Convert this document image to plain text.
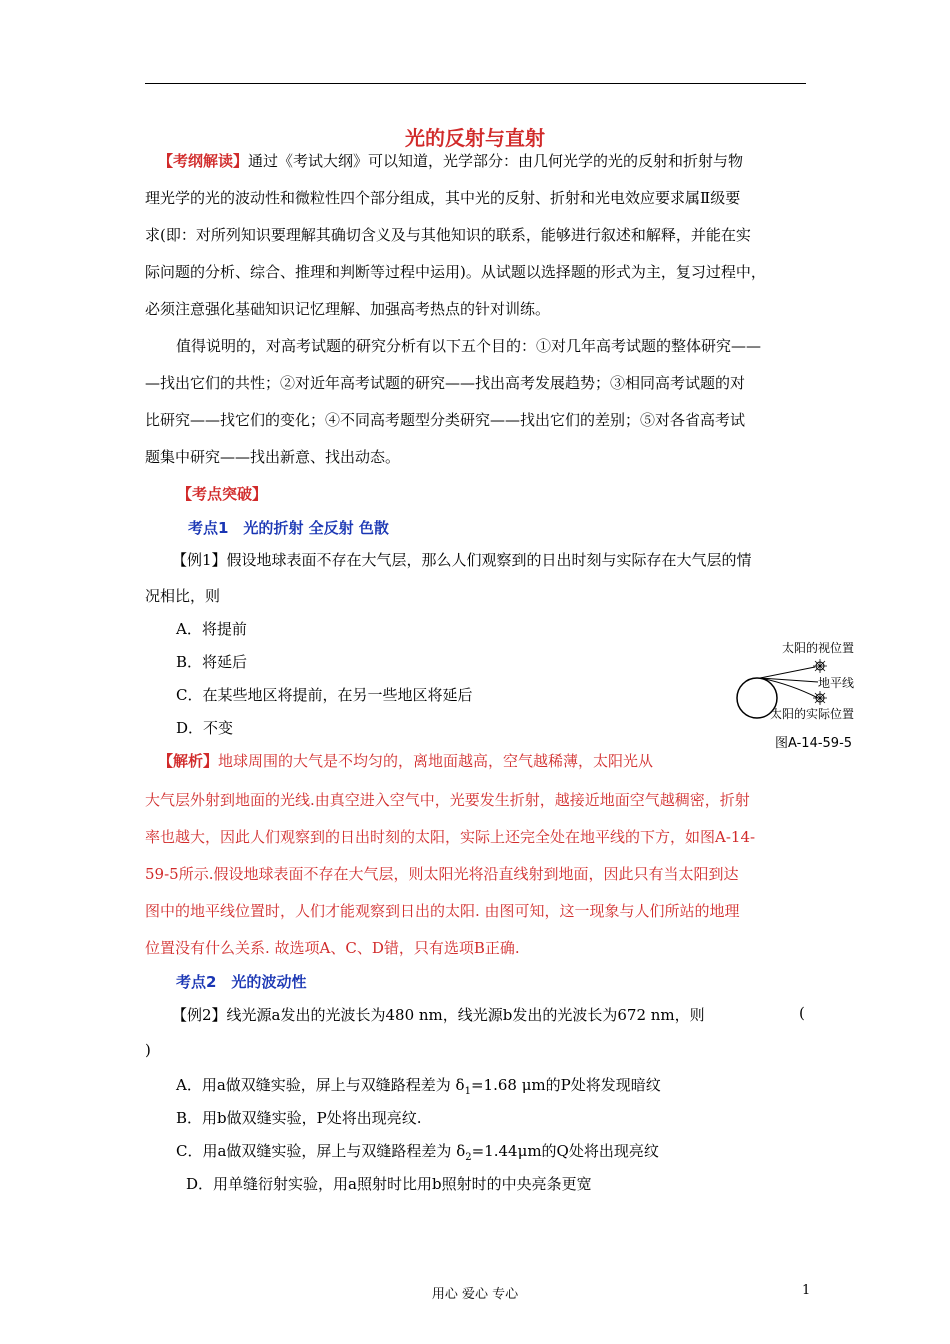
光的反射与直射
【考纲解读】通过《考试大纲》可以知道，光学部分：由几何光学的光的反射和折射与物
理光学的光的波动性和微粒性四个部分组成，其中光的反射、折射和光电效应要求属Ⅱ级要
求(即：对所列知识要理解其确切含义及与其他知识的联系，能够进行叙述和解释，并能在实
际问题的分析、综合、推理和判断等过程中运用)。从试题以选择题的形式为主，复习过程中，
必须注意强化基础知识记忆理解、加强高考热点的针对训练。
值得说明的，对高考试题的研究分析有以下五个目的：①对几年高考试题的整体研究——
—找出它们的共性；②对近年高考试题的研究——找出高考发展趋势；③相同高考试题的对
比研究——找它们的变化；④不同高考题型分类研究——找出它们的差别；⑤对各省高考试
题集中研究——找出新意、找出动态。
【考点突破】
考点1　光的折射 全反射 色散
【例1】假设地球表面不存在大气层，那么人们观察到的日出时刻与实际存在大气层的情
况相比，则
A．将提前
B．将延后
C．在某些地区将提前，在另一些地区将延后
D．不变
太阳的视位置
地平线
太阳的实际位置
图A-14-59-5
【解析】地球周围的大气是不均匀的，离地面越高，空气越稀薄，太阳光从
大气层外射到地面的光线.由真空进入空气中，光要发生折射，越接近地面空气越稠密，折射
率也越大，因此人们观察到的日出时刻的太阳，实际上还完全处在地平线的下方，如图A-14-
59-5所示.假设地球表面不存在大气层，则太阳光将沿直线射到地面，因此只有当太阳到达
图中的地平线位置时，人们才能观察到日出的太阳. 由图可知，这一现象与人们所站的地理
位置没有什么关系. 故选项A、C、D错，只有选项B正确.
考点2　光的波动性
【例2】线光源a发出的光波长为480 nm，线光源b发出的光波长为672 nm，则	(
)
A．用a做双缝实验，屏上与双缝路程差为 $\delta_1=1.68$ μm的P处将发现暗纹
B．用b做双缝实验，P处将出现亮纹.
C．用a做双缝实验，屏上与双缝路程差为 $\delta_2=1.44\mu m$的Q处将出现亮纹
D．用单缝衍射实验，用a照射时比用b照射时的中央亮条更宽
用心 爱心 专心	1
